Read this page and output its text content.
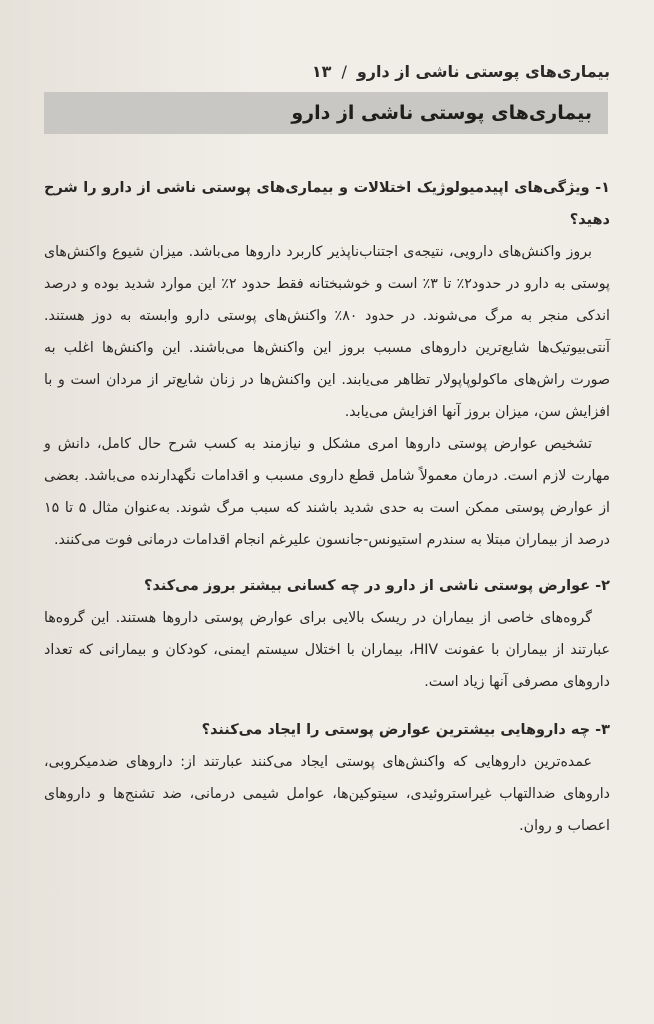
بیماری‌های پوستی ناشی از دارو
/
۱۳
بیماری‌های پوستی ناشی از دارو

۱- ویژگی‌های اپیدمیولوژیک اختلالات و بیماری‌های پوستی ناشی از دارو را شرح دهید؟

بروز واکنش‌های دارویی، نتیجه‌ی اجتناب‌ناپذیر کاربرد داروها می‌باشد. میزان شیوع واکنش‌های پوستی به دارو در حدود۲٪ تا ۳٪ است و خوشبختانه فقط حدود ۲٪ این موارد شدید بوده و درصد اندکی منجر به مرگ می‌شوند. در حدود ۸۰٪ واکنش‌های پوستی دارو وابسته به دوز هستند. آنتی‌بیوتیک‌ها شایع‌ترین داروهای مسبب بروز این واکنش‌ها می‌باشند. این واکنش‌ها اغلب به صورت راش‌های ماکولوپاپولار تظاهر می‌یابند. این واکنش‌ها در زنان شایع‌تر از مردان است و با افزایش سن، میزان بروز آنها افزایش می‌یابد.

تشخیص عوارض پوستی داروها امری مشکل و نیازمند به کسب شرح حال کامل، دانش و مهارت لازم است. درمان معمولاً شامل قطع داروی مسبب و اقدامات نگهدارنده می‌باشد. بعضی از عوارض پوستی ممکن است به حدی شدید باشند که سبب مرگ شوند. به‌عنوان مثال ۵ تا ۱۵ درصد از بیماران مبتلا به سندرم استیونس-جانسون علیرغم انجام اقدامات درمانی فوت می‌کنند.

۲- عوارض پوستی ناشی از دارو در چه کسانی بیشتر بروز می‌کند؟

گروه‌های خاصی از بیماران در ریسک بالایی برای عوارض پوستی داروها هستند. این گروه‌ها عبارتند از بیماران با عفونت HIV، بیماران با اختلال سیستم ایمنی، کودکان و بیمارانی که تعداد داروهای مصرفی آنها زیاد است.

۳- چه داروهایی بیشترین عوارض پوستی را ایجاد می‌کنند؟

عمده‌ترین داروهایی که واکنش‌های پوستی ایجاد می‌کنند عبارتند از: داروهای ضدمیکروبی، داروهای ضدالتهاب غیراستروئیدی، سیتوکین‌ها، عوامل شیمی درمانی، ضد تشنج‌ها و داروهای اعصاب و روان.
